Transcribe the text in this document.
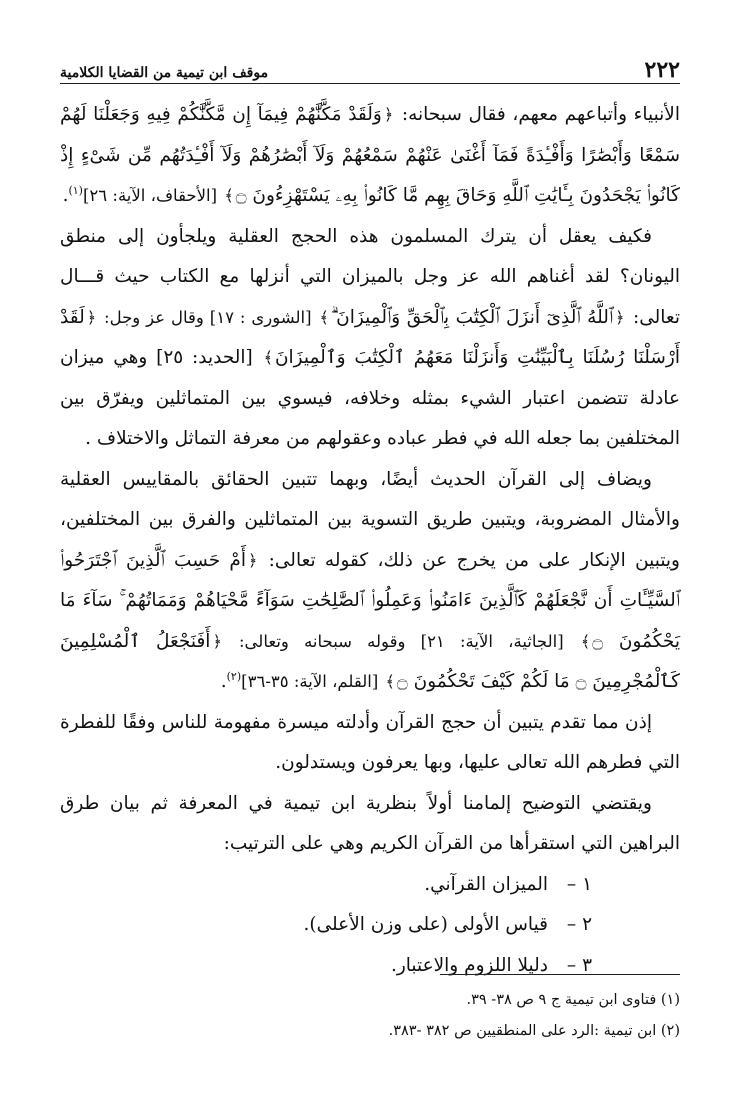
٢٢٢
موقف ابن تيمية من القضايا الكلامية

الأنبياء وأتباعهم معهم، فقال سبحانه: ﴿وَلَقَدْ مَكَّنَّٰهُمْ فِيمَآ إِن مَّكَّنَّٰكُمْ فِيهِ وَجَعَلْنَا لَهُمْ سَمْعًا وَأَبْصَٰرًا وَأَفْـِٔدَةً فَمَآ أَغْنَىٰ عَنْهُمْ سَمْعُهُمْ وَلَآ أَبْصَٰرُهُمْ وَلَآ أَفْـِٔدَتُهُم مِّن شَىْءٍ إِذْ كَانُوا۟ يَجْحَدُونَ بِـَٔايَٰتِ ٱللَّهِ وَحَاقَ بِهِم مَّا كَانُوا۟ بِهِۦ يَسْتَهْزِءُونَ ۝﴾ [الأحقاف، الآية: ٢٦]$^{(١)}$.

فكيف يعقل أن يترك المسلمون هذه الحجج العقلية ويلجأون إلى منطق اليونان؟ لقد أغناهم الله عز وجل بالميزان التي أنزلها مع الكتاب حيث قـــال تعالى: ﴿ٱللَّهُ ٱلَّذِىٓ أَنزَلَ ٱلْكِتَٰبَ بِٱلْحَقِّ وَٱلْمِيزَانَ ۗ﴾ [الشورى : ١٧] وقال عز وجل: ﴿لَقَدْ أَرْسَلْنَا رُسُلَنَا بِٱلْبَيِّنَٰتِ وَأَنزَلْنَا مَعَهُمُ ٱلْكِتَٰبَ وَٱلْمِيزَانَ﴾ [الحديد: ٢٥] وهي ميزان عادلة تتضمن اعتبار الشيء بمثله وخلافه، فيسوي بين المتماثلين ويفرّق بين المختلفين بما جعله الله في فطر عباده وعقولهم من معرفة التماثل والاختلاف .

ويضاف إلى القرآن الحديث أيضًا، وبهما تتبين الحقائق بالمقاييس العقلية والأمثال المضروبة، ويتبين طريق التسوية بين المتماثلين والفرق بين المختلفين، ويتبين الإنكار على من يخرج عن ذلك، كقوله تعالى: ﴿أَمْ حَسِبَ ٱلَّذِينَ ٱجْتَرَحُوا۟ ٱلسَّيِّـَٔاتِ أَن نَّجْعَلَهُمْ كَٱلَّذِينَ ءَامَنُوا۟ وَعَمِلُوا۟ ٱلصَّٰلِحَٰتِ سَوَآءً مَّحْيَاهُمْ وَمَمَاتُهُمْ ۚ سَآءَ مَا يَحْكُمُونَ ۝﴾ [الجاثية، الآية: ٢١] وقوله سبحانه وتعالى: ﴿أَفَنَجْعَلُ ٱلْمُسْلِمِينَ كَٱلْمُجْرِمِينَ ۝ مَا لَكُمْ كَيْفَ تَحْكُمُونَ ۝﴾ [القلم، الآية: ٣٥-٣٦]$^{(٢)}$.

إذن مما تقدم يتبين أن حجج القرآن وأدلته ميسرة مفهومة للناس وفقًا للفطرة التي فطرهم الله تعالى عليها، وبها يعرفون ويستدلون.

ويقتضي التوضيح إلمامنا أولاً بنظرية ابن تيمية في المعرفة ثم بيان طرق البراهين التي استقرأها من القرآن الكريم وهي على الترتيب:

١ –
الميزان القرآني.
٢ –
قياس الأولى (على وزن الأعلى).
٣ –
دليلا اللزوم والاعتبار.

(١) فتاوى ابن تيمية ج ٩ ص ٣٨- ٣٩.

(٢) ابن تيمية :الرد على المنطقيين ص ٣٨٢ -٣٨٣.
